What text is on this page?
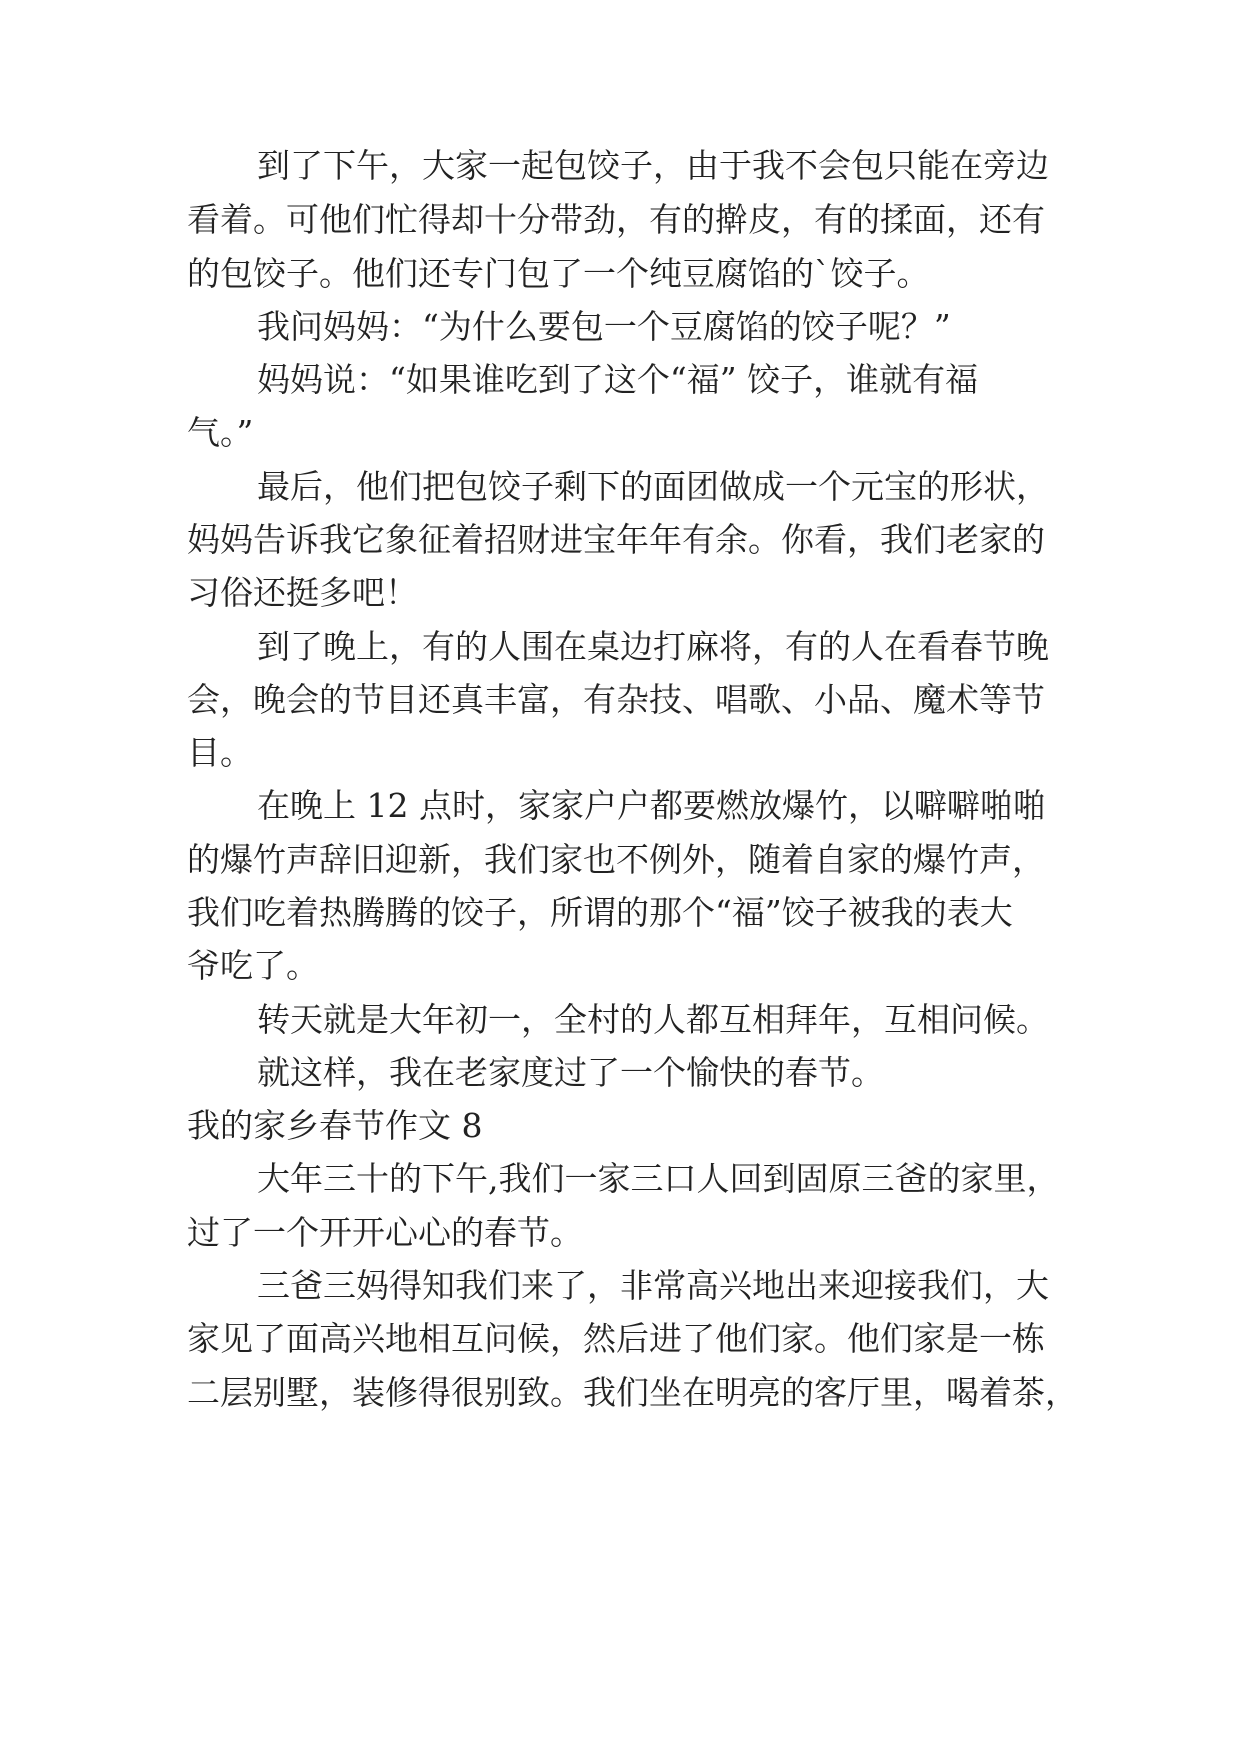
到了下午，大家一起包饺子，由于我不会包只能在旁边
看着。可他们忙得却十分带劲，有的擀皮，有的揉面，还有
的包饺子。他们还专门包了一个纯豆腐馅的`饺子。
我问妈妈：“为什么要包一个豆腐馅的饺子呢？”
妈妈说：“如果谁吃到了这个“福” 饺子，谁就有福
气。”
最后，他们把包饺子剩下的面团做成一个元宝的形状，
妈妈告诉我它象征着招财进宝年年有余。你看，我们老家的
习俗还挺多吧！
到了晚上，有的人围在桌边打麻将，有的人在看春节晚
会，晚会的节目还真丰富，有杂技、唱歌、小品、魔术等节
目。
在晚上 12 点时，家家户户都要燃放爆竹，以噼噼啪啪
的爆竹声辞旧迎新，我们家也不例外，随着自家的爆竹声，
我们吃着热腾腾的饺子，所谓的那个“福”饺子被我的表大
爷吃了。
转天就是大年初一，全村的人都互相拜年，互相问候。
就这样，我在老家度过了一个愉快的春节。
我的家乡春节作文 8
大年三十的下午,我们一家三口人回到固原三爸的家里，
过了一个开开心心的春节。
三爸三妈得知我们来了，非常高兴地出来迎接我们，大
家见了面高兴地相互问候，然后进了他们家。他们家是一栋
二层别墅，装修得很别致。我们坐在明亮的客厅里，喝着茶，
